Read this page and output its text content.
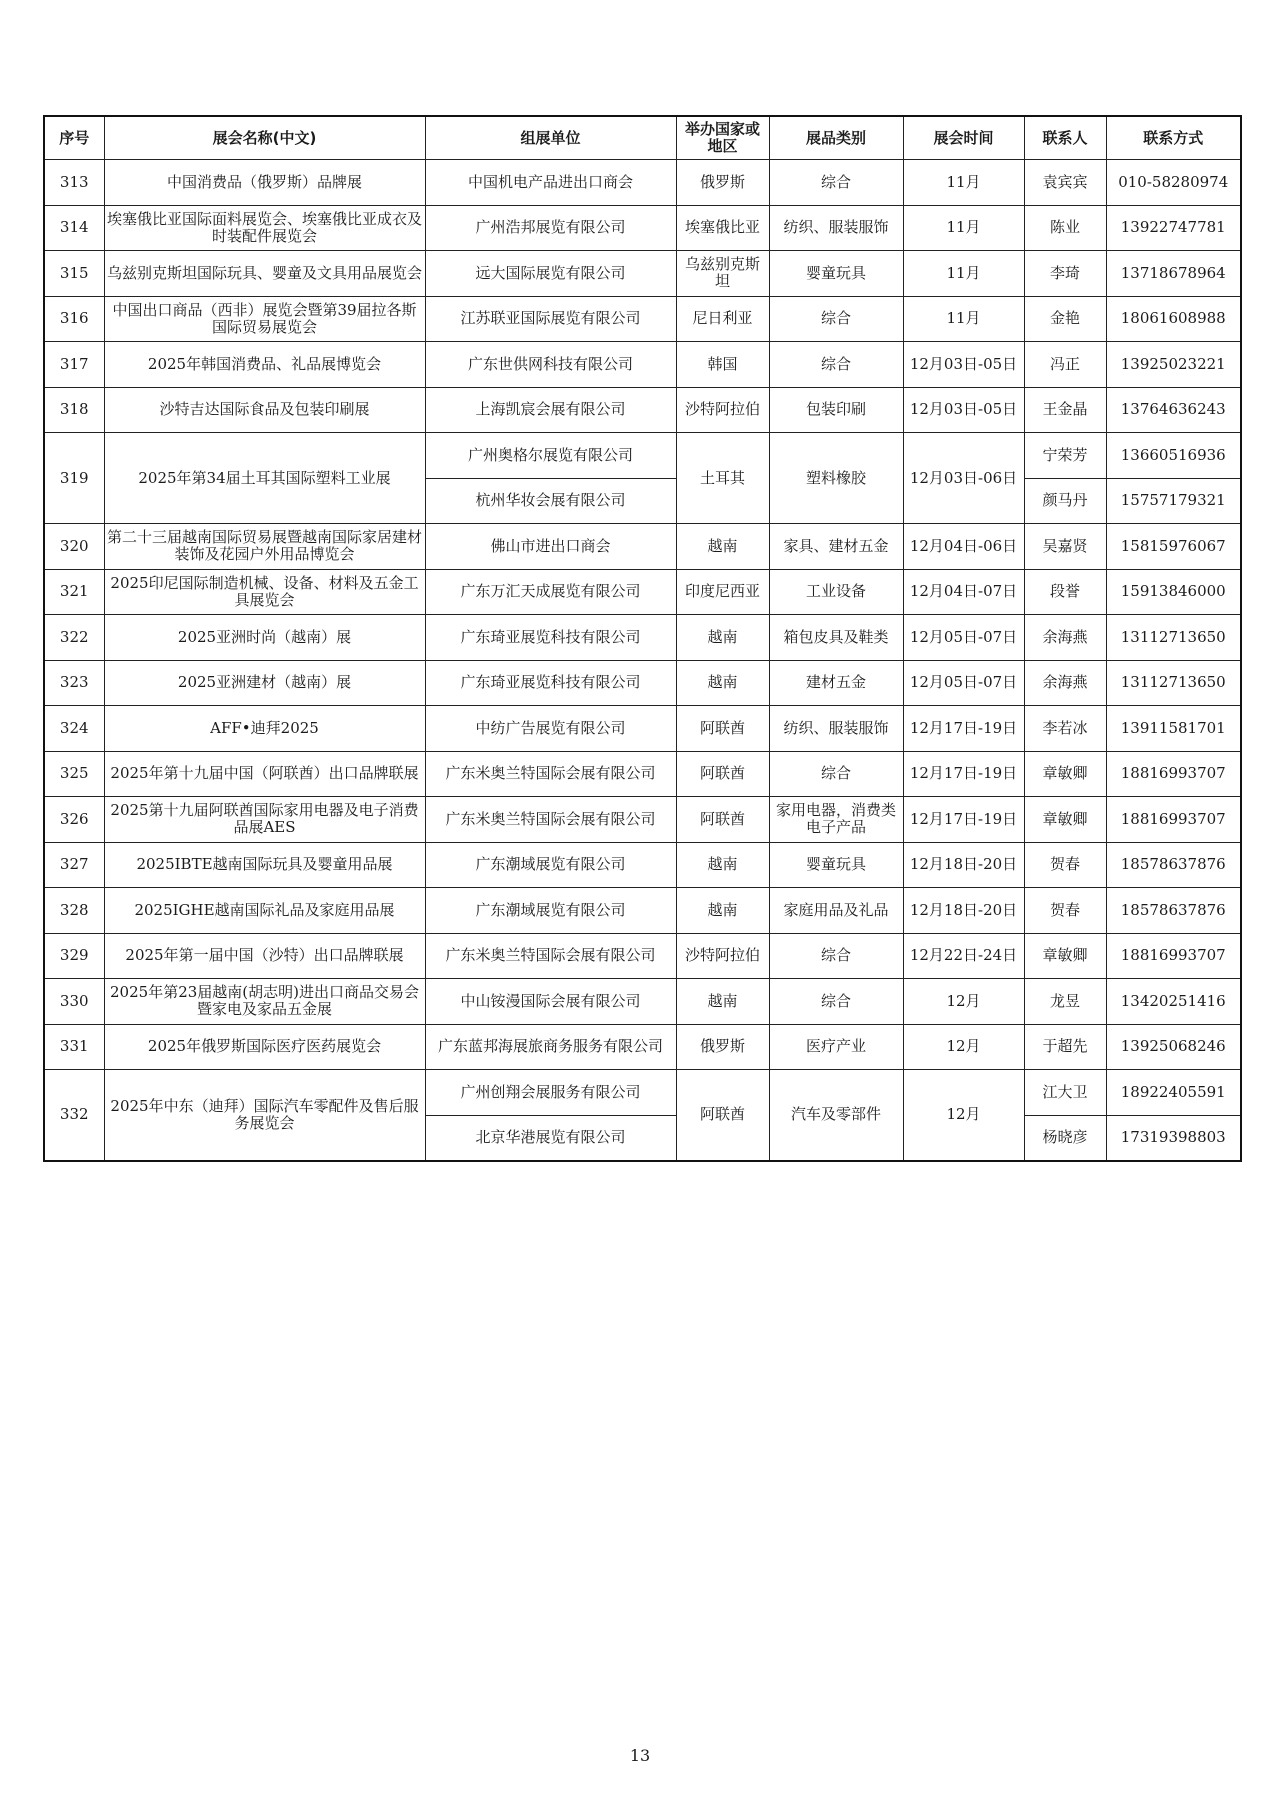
序号	展会名称(中文)	组展单位	举办国家或地区	展品类别	展会时间	联系人	联系方式
313	中国消费品（俄罗斯）品牌展	中国机电产品进出口商会	俄罗斯	综合	11月	袁宾宾	010-58280974
314	埃塞俄比亚国际面料展览会、埃塞俄比亚成衣及时装配件展览会	广州浩邦展览有限公司	埃塞俄比亚	纺织、服装服饰	11月	陈业	13922747781
315	乌兹别克斯坦国际玩具、婴童及文具用品展览会	远大国际展览有限公司	乌兹别克斯坦	婴童玩具	11月	李琦	13718678964
316	中国出口商品（西非）展览会暨第39届拉各斯国际贸易展览会	江苏联亚国际展览有限公司	尼日利亚	综合	11月	金艳	18061608988
317	2025年韩国消费品、礼品展博览会	广东世供网科技有限公司	韩国	综合	12月03日-05日	冯正	13925023221
318	沙特吉达国际食品及包装印刷展	上海凯宸会展有限公司	沙特阿拉伯	包装印刷	12月03日-05日	王金晶	13764636243
319	2025年第34届土耳其国际塑料工业展	广州奥格尔展览有限公司	土耳其	塑料橡胶	12月03日-06日	宁荣芳	13660516936
		杭州华妆会展有限公司				颜马丹	15757179321
320	第二十三届越南国际贸易展暨越南国际家居建材装饰及花园户外用品博览会	佛山市进出口商会	越南	家具、建材五金	12月04日-06日	吴嘉贤	15815976067
321	2025印尼国际制造机械、设备、材料及五金工具展览会	广东万汇天成展览有限公司	印度尼西亚	工业设备	12月04日-07日	段誉	15913846000
322	2025亚洲时尚（越南）展	广东琦亚展览科技有限公司	越南	箱包皮具及鞋类	12月05日-07日	余海燕	13112713650
323	2025亚洲建材（越南）展	广东琦亚展览科技有限公司	越南	建材五金	12月05日-07日	余海燕	13112713650
324	AFF•迪拜2025	中纺广告展览有限公司	阿联酋	纺织、服装服饰	12月17日-19日	李若冰	13911581701
325	2025年第十九届中国（阿联酋）出口品牌联展	广东米奥兰特国际会展有限公司	阿联酋	综合	12月17日-19日	章敏卿	18816993707
326	2025第十九届阿联酋国际家用电器及电子消费品展AES	广东米奥兰特国际会展有限公司	阿联酋	家用电器，消费类电子产品	12月17日-19日	章敏卿	18816993707
327	2025IBTE越南国际玩具及婴童用品展	广东潮域展览有限公司	越南	婴童玩具	12月18日-20日	贺春	18578637876
328	2025IGHE越南国际礼品及家庭用品展	广东潮域展览有限公司	越南	家庭用品及礼品	12月18日-20日	贺春	18578637876
329	2025年第一届中国（沙特）出口品牌联展	广东米奥兰特国际会展有限公司	沙特阿拉伯	综合	12月22日-24日	章敏卿	18816993707
330	2025年第23届越南(胡志明)进出口商品交易会暨家电及家品五金展	中山铵漫国际会展有限公司	越南	综合	12月	龙昱	13420251416
331	2025年俄罗斯国际医疗医药展览会	广东蓝邦海展旅商务服务有限公司	俄罗斯	医疗产业	12月	于超先	13925068246
332	2025年中东（迪拜）国际汽车零配件及售后服务展览会	广州创翔会展服务有限公司	阿联酋	汽车及零部件	12月	江大卫	18922405591
		北京华港展览有限公司				杨晓彦	17319398803
13
